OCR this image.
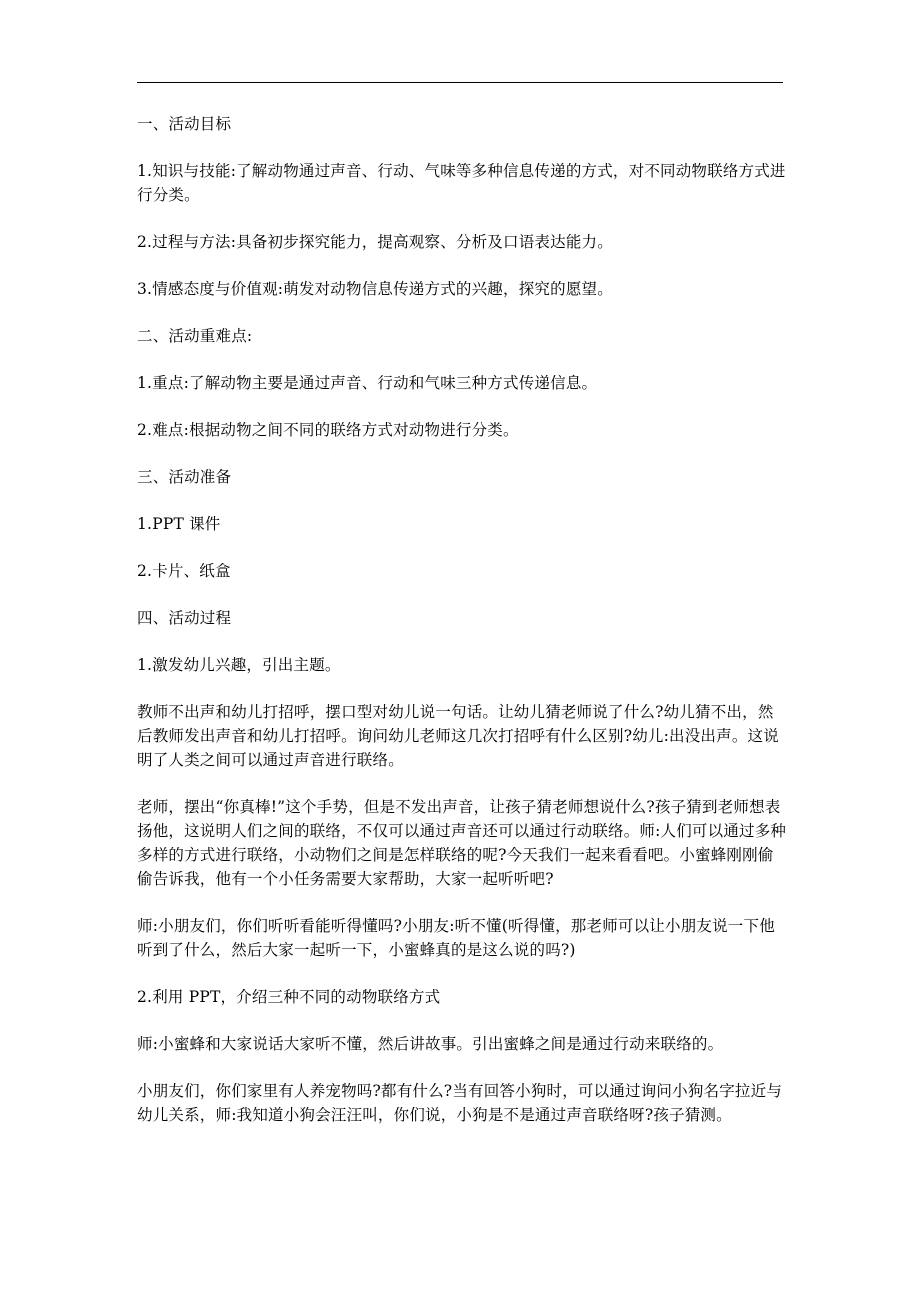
一、活动目标

1.知识与技能:了解动物通过声音、行动、气味等多种信息传递的方式，对不同动物联络方式进行分类。

2.过程与方法:具备初步探究能力，提高观察、分析及口语表达能力。

3.情感态度与价值观:萌发对动物信息传递方式的兴趣，探究的愿望。

二、活动重难点:

1.重点:了解动物主要是通过声音、行动和气味三种方式传递信息。

2.难点:根据动物之间不同的联络方式对动物进行分类。

三、活动准备

1.PPT 课件

2.卡片、纸盒

四、活动过程

1.激发幼儿兴趣，引出主题。

教师不出声和幼儿打招呼，摆口型对幼儿说一句话。让幼儿猜老师说了什么?幼儿猜不出，然后教师发出声音和幼儿打招呼。询问幼儿老师这几次打招呼有什么区别?幼儿:出没出声。这说明了人类之间可以通过声音进行联络。

老师，摆出“你真棒!”这个手势，但是不发出声音，让孩子猜老师想说什么?孩子猜到老师想表扬他，这说明人们之间的联络，不仅可以通过声音还可以通过行动联络。师:人们可以通过多种多样的方式进行联络，小动物们之间是怎样联络的呢?今天我们一起来看看吧。小蜜蜂刚刚偷偷告诉我，他有一个小任务需要大家帮助，大家一起听听吧?

师:小朋友们，你们听听看能听得懂吗?小朋友:听不懂(听得懂，那老师可以让小朋友说一下他听到了什么，然后大家一起听一下，小蜜蜂真的是这么说的吗?)

2.利用 PPT，介绍三种不同的动物联络方式

师:小蜜蜂和大家说话大家听不懂，然后讲故事。引出蜜蜂之间是通过行动来联络的。

小朋友们，你们家里有人养宠物吗?都有什么?当有回答小狗时，可以通过询问小狗名字拉近与幼儿关系，师:我知道小狗会汪汪叫，你们说，小狗是不是通过声音联络呀?孩子猜测。
